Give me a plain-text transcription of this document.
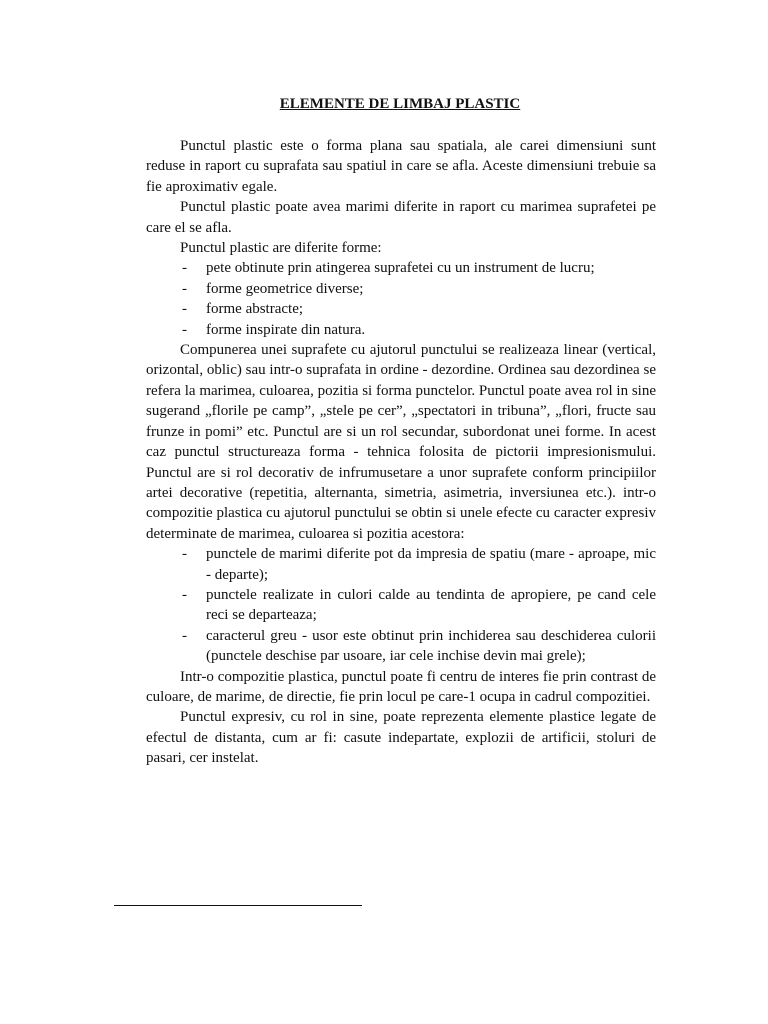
ELEMENTE DE LIMBAJ PLASTIC

Punctul plastic este o forma plana sau spatiala, ale carei dimensiuni sunt reduse in raport cu suprafata sau spatiul in care se afla. Aceste dimensiuni trebuie sa fie aproximativ egale.

Punctul plastic poate avea marimi diferite in raport cu marimea suprafetei pe care el se afla.

Punctul plastic are diferite forme:

- pete obtinute prin atingerea suprafetei cu un instrument de lucru;
- forme geometrice diverse;
- forme abstracte;
- forme inspirate din natura.

Compunerea unei suprafete cu ajutorul punctului se realizeaza linear (vertical, orizontal, oblic) sau intr-o suprafata in ordine - dezordine. Ordinea sau dezordinea se refera la marimea, culoarea, pozitia si forma punctelor. Punctul poate avea rol in sine sugerand „florile pe camp”, „stele pe cer”, „spectatori in tribuna”, „flori, fructe sau frunze in pomi” etc. Punctul are si un rol secundar, subordonat unei forme. In acest caz punctul structureaza forma - tehnica folosita de pictorii impresionismului. Punctul are si rol decorativ de infrumusetare a unor suprafete conform principiilor artei decorative (repetitia, alternanta, simetria, asimetria, inversiunea etc.). intr-o compozitie plastica cu ajutorul punctului se obtin si unele efecte cu caracter expresiv determinate de marimea, culoarea si pozitia acestora:

- punctele de marimi diferite pot da impresia de spatiu (mare - aproape, mic - departe);
- punctele realizate in culori calde au tendinta de apropiere, pe cand cele reci se departeaza;
- caracterul greu - usor este obtinut prin inchiderea sau deschiderea culorii (punctele deschise par usoare, iar cele inchise devin mai grele);

Intr-o compozitie plastica, punctul poate fi centru de interes fie prin contrast de culoare, de marime, de directie, fie prin locul pe care-1 ocupa in cadrul compozitiei.

Punctul expresiv, cu rol in sine, poate reprezenta elemente plastice legate de efectul de distanta, cum ar fi: casute indepartate, explozii de artificii, stoluri de pasari, cer instelat.
